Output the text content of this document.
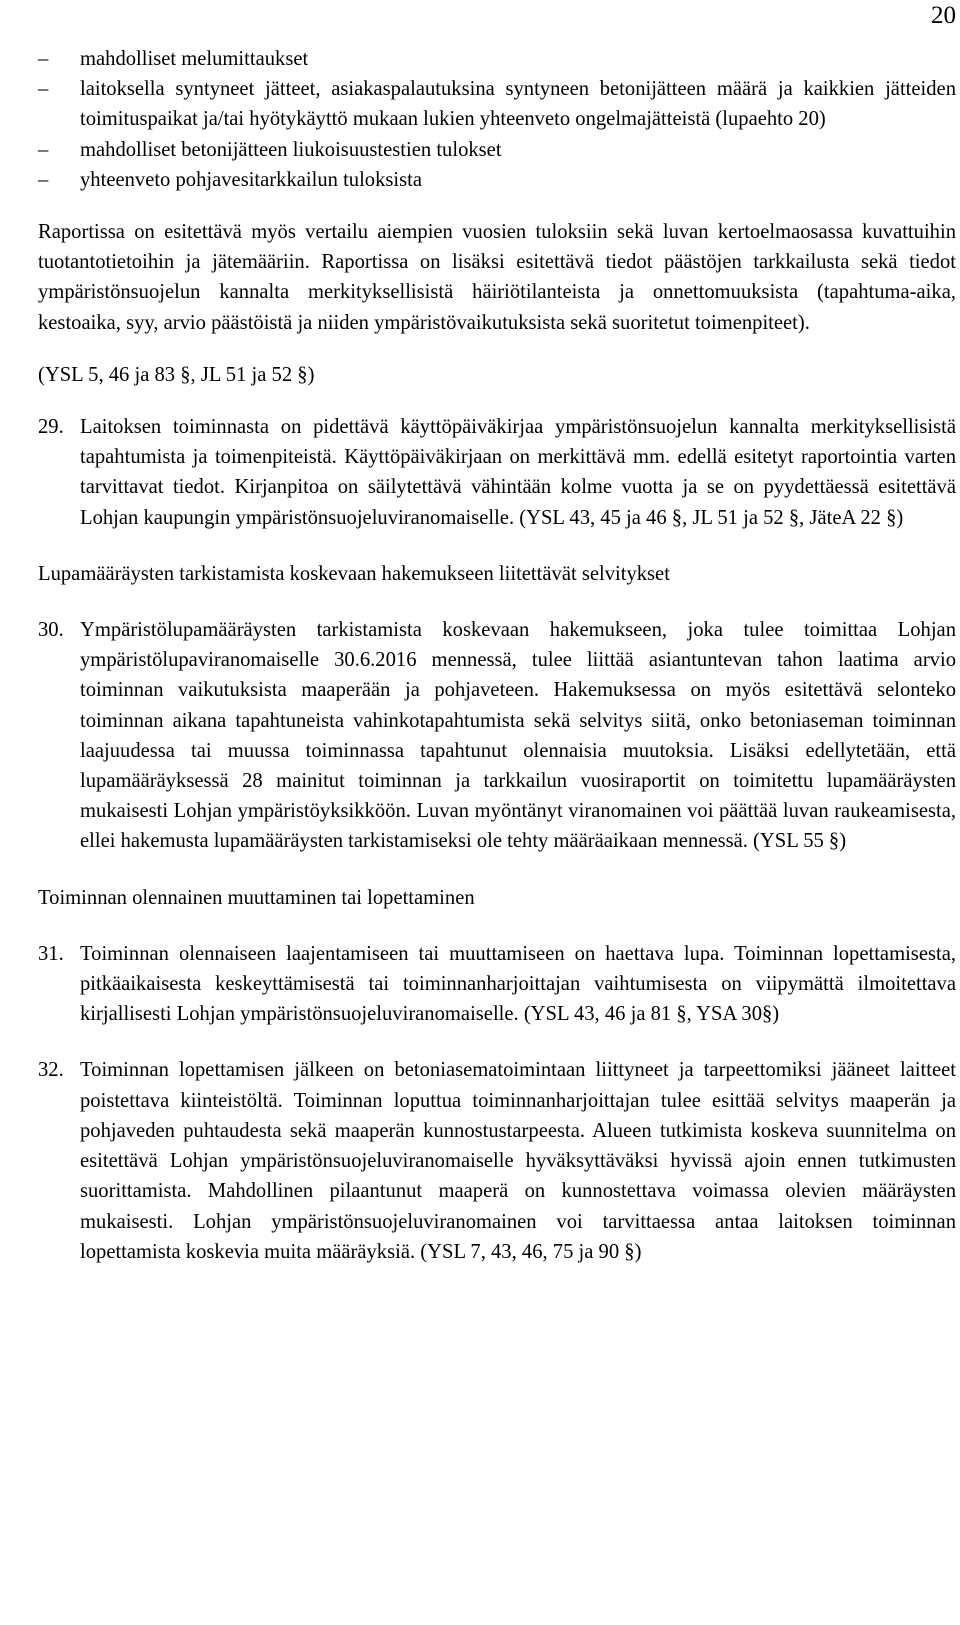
20
– mahdolliset melumittaukset
– laitoksella syntyneet jätteet, asiakaspalautuksina syntyneen betonijätteen määrä ja kaikkien jätteiden toimituspaikat ja/tai hyötykäyttö mukaan lukien yhteenveto ongelmajätteistä (lupaehto 20)
– mahdolliset betonijätteen liukoisuustestien tulokset
– yhteenveto pohjavesitarkkailun tuloksista

Raportissa on esitettävä myös vertailu aiempien vuosien tuloksiin sekä luvan kertoelmaosassa kuvattuihin tuotantotietoihin ja jätemääriin. Raportissa on lisäksi esitettävä tiedot päästöjen tarkkailusta sekä tiedot ympäristönsuojelun kannalta merkityksellisistä häiriötilanteista ja onnettomuuksista (tapahtuma-aika, kestoaika, syy, arvio päästöistä ja niiden ympäristövaikutuksista sekä suoritetut toimenpiteet).

(YSL 5, 46 ja 83 §, JL 51 ja 52 §)

29. Laitoksen toiminnasta on pidettävä käyttöpäiväkirjaa ympäristönsuojelun kannalta merkityksellisistä tapahtumista ja toimenpiteistä. Käyttöpäiväkirjaan on merkittävä mm. edellä esitetyt raportointia varten tarvittavat tiedot. Kirjanpitoa on säilytettävä vähintään kolme vuotta ja se on pyydettäessä esitettävä Lohjan kaupungin ympäristönsuojeluviranomaiselle. (YSL 43, 45 ja 46 §, JL 51 ja 52 §, JäteA 22 §)

Lupamääräysten tarkistamista koskevaan hakemukseen liitettävät selvitykset

30. Ympäristölupamääräysten tarkistamista koskevaan hakemukseen, joka tulee toimittaa Lohjan ympäristölupaviranomaiselle 30.6.2016 mennessä, tulee liittää asiantuntevan tahon laatima arvio toiminnan vaikutuksista maaperään ja pohjaveteen. Hakemuksessa on myös esitettävä selonteko toiminnan aikana tapahtuneista vahinkotapahtumista sekä selvitys siitä, onko betoniaseman toiminnan laajuudessa tai muussa toiminnassa tapahtunut olennaisia muutoksia. Lisäksi edellytetään, että lupamääräyksessä 28 mainitut toiminnan ja tarkkailun vuosiraportit on toimitettu lupamääräysten mukaisesti Lohjan ympäristöyksikköön. Luvan myöntänyt viranomainen voi päättää luvan raukeamisesta, ellei hakemusta lupamääräysten tarkistamiseksi ole tehty määräaikaan mennessä. (YSL 55 §)

Toiminnan olennainen muuttaminen tai lopettaminen

31. Toiminnan olennaiseen laajentamiseen tai muuttamiseen on haettava lupa. Toiminnan lopettamisesta, pitkäaikaisesta keskeyttämisestä tai toiminnanharjoittajan vaihtumisesta on viipymättä ilmoitettava kirjallisesti Lohjan ympäristönsuojeluviranomaiselle. (YSL 43, 46 ja 81 §, YSA 30§)
32. Toiminnan lopettamisen jälkeen on betoniasematoimintaan liittyneet ja tarpeettomiksi jääneet laitteet poistettava kiinteistöltä. Toiminnan loputtua toiminnanharjoittajan tulee esittää selvitys maaperän ja pohjaveden puhtaudesta sekä maaperän kunnostustarpeesta. Alueen tutkimista koskeva suunnitelma on esitettävä Lohjan ympäristönsuojeluviranomaiselle hyväksyttäväksi hyvissä ajoin ennen tutkimusten suorittamista. Mahdollinen pilaantunut maaperä on kunnostettava voimassa olevien määräysten mukaisesti. Lohjan ympäristönsuojeluviranomainen voi tarvittaessa antaa laitoksen toiminnan lopettamista koskevia muita määräyksiä. (YSL 7, 43, 46, 75 ja 90 §)
